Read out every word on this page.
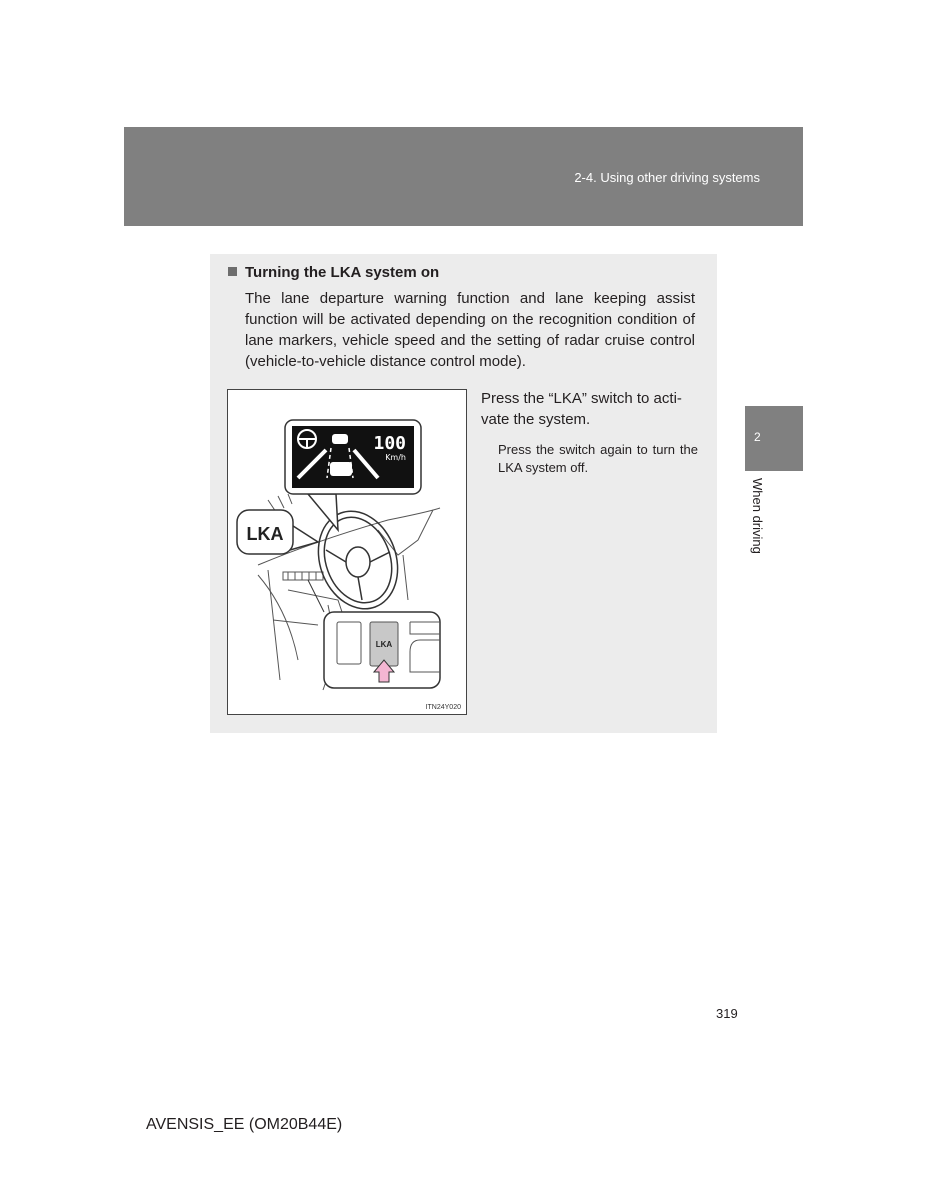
2-4. Using other driving systems
Turning the LKA system on

The lane departure warning function and lane keeping assist function will be activated depending on the recognition condition of lane markers, vehicle speed and the setting of radar cruise control (vehicle-to-vehicle distance control mode).

100
Km/h
LKA
LKA
ITN24Y020

Press the “LKA” switch to acti-vate the system.

Press the switch again to turn the LKA system off.

2
When driving
319
AVENSIS_EE (OM20B44E)
